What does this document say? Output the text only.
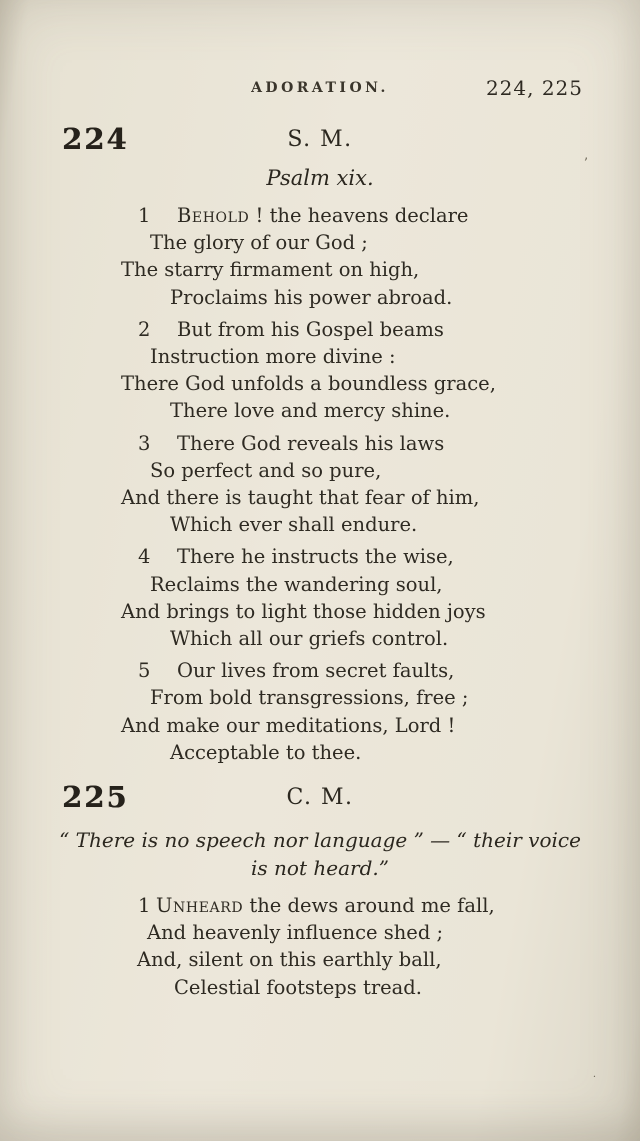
ADORATION.	224, 225
224	S. M.
Psalm xix.
1 Behold ! the heavens declare
The glory of our God ;
The starry firmament on high,
Proclaims his power abroad.
2 But from his Gospel beams
Instruction more divine :
There God unfolds a boundless grace,
There love and mercy shine.
3 There God reveals his laws
So perfect and so pure,
And there is taught that fear of him,
Which ever shall endure.
4 There he instructs the wise,
Reclaims the wandering soul,
And brings to light those hidden joys
Which all our griefs control.
5 Our lives from secret faults,
From bold transgressions, free ;
And make our meditations, Lord !
Acceptable to thee.
225	C. M.
“ There is no speech nor language ” — “ their voice
is not heard.”
1 Unheard the dews around me fall,
And heavenly influence shed ;
And, silent on this earthly ball,
Celestial footsteps tread.
’
·
